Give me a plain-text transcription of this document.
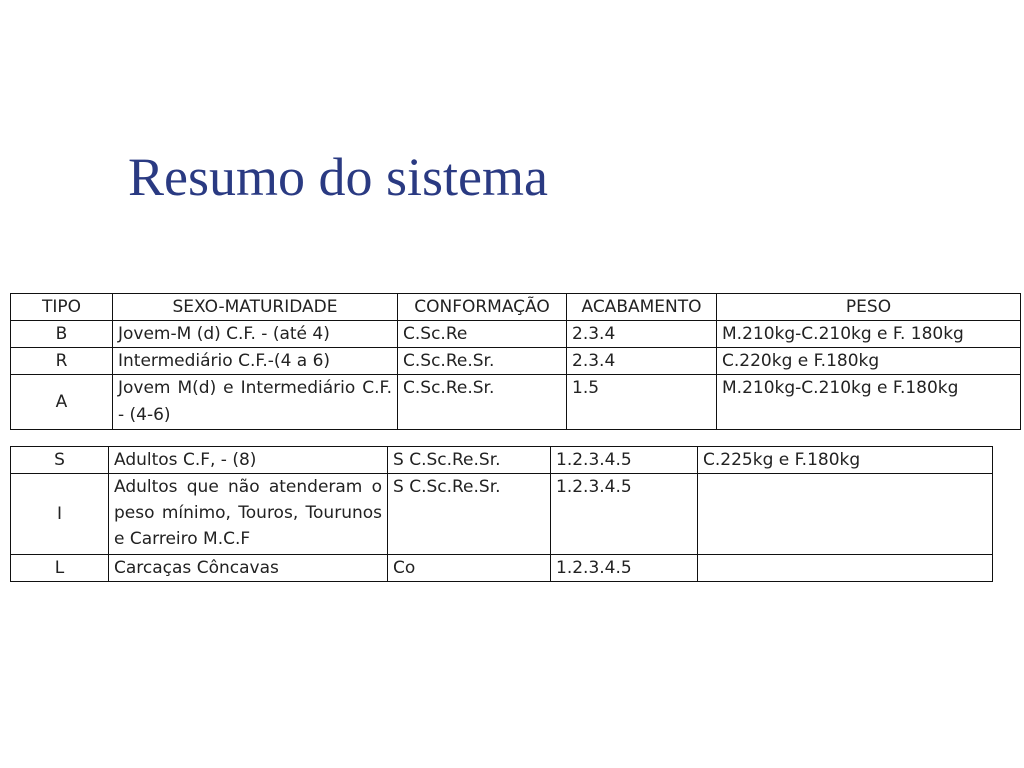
Resumo do sistema
TIPO	SEXO-MATURIDADE	CONFORMAÇÃO	ACABAMENTO	PESO
B	Jovem-M (d) C.F. - (até 4)	C.Sc.Re	2.3.4	M.210kg-C.210kg e F. 180kg
R	Intermediário C.F.-(4 a 6)	C.Sc.Re.Sr.	2.3.4	C.220kg e F.180kg
A	Jovem M(d) e Intermediário C.F. - (4-6)	C.Sc.Re.Sr.	1.5	M.210kg-C.210kg e F.180kg
S	Adultos C.F, - (8)	S C.Sc.Re.Sr.	1.2.3.4.5	C.225kg e F.180kg
I	Adultos que não atenderam o peso mínimo, Touros, Tourunos e Carreiro M.C.F	S C.Sc.Re.Sr.	1.2.3.4.5	
L	Carcaças Côncavas	Co	1.2.3.4.5	
